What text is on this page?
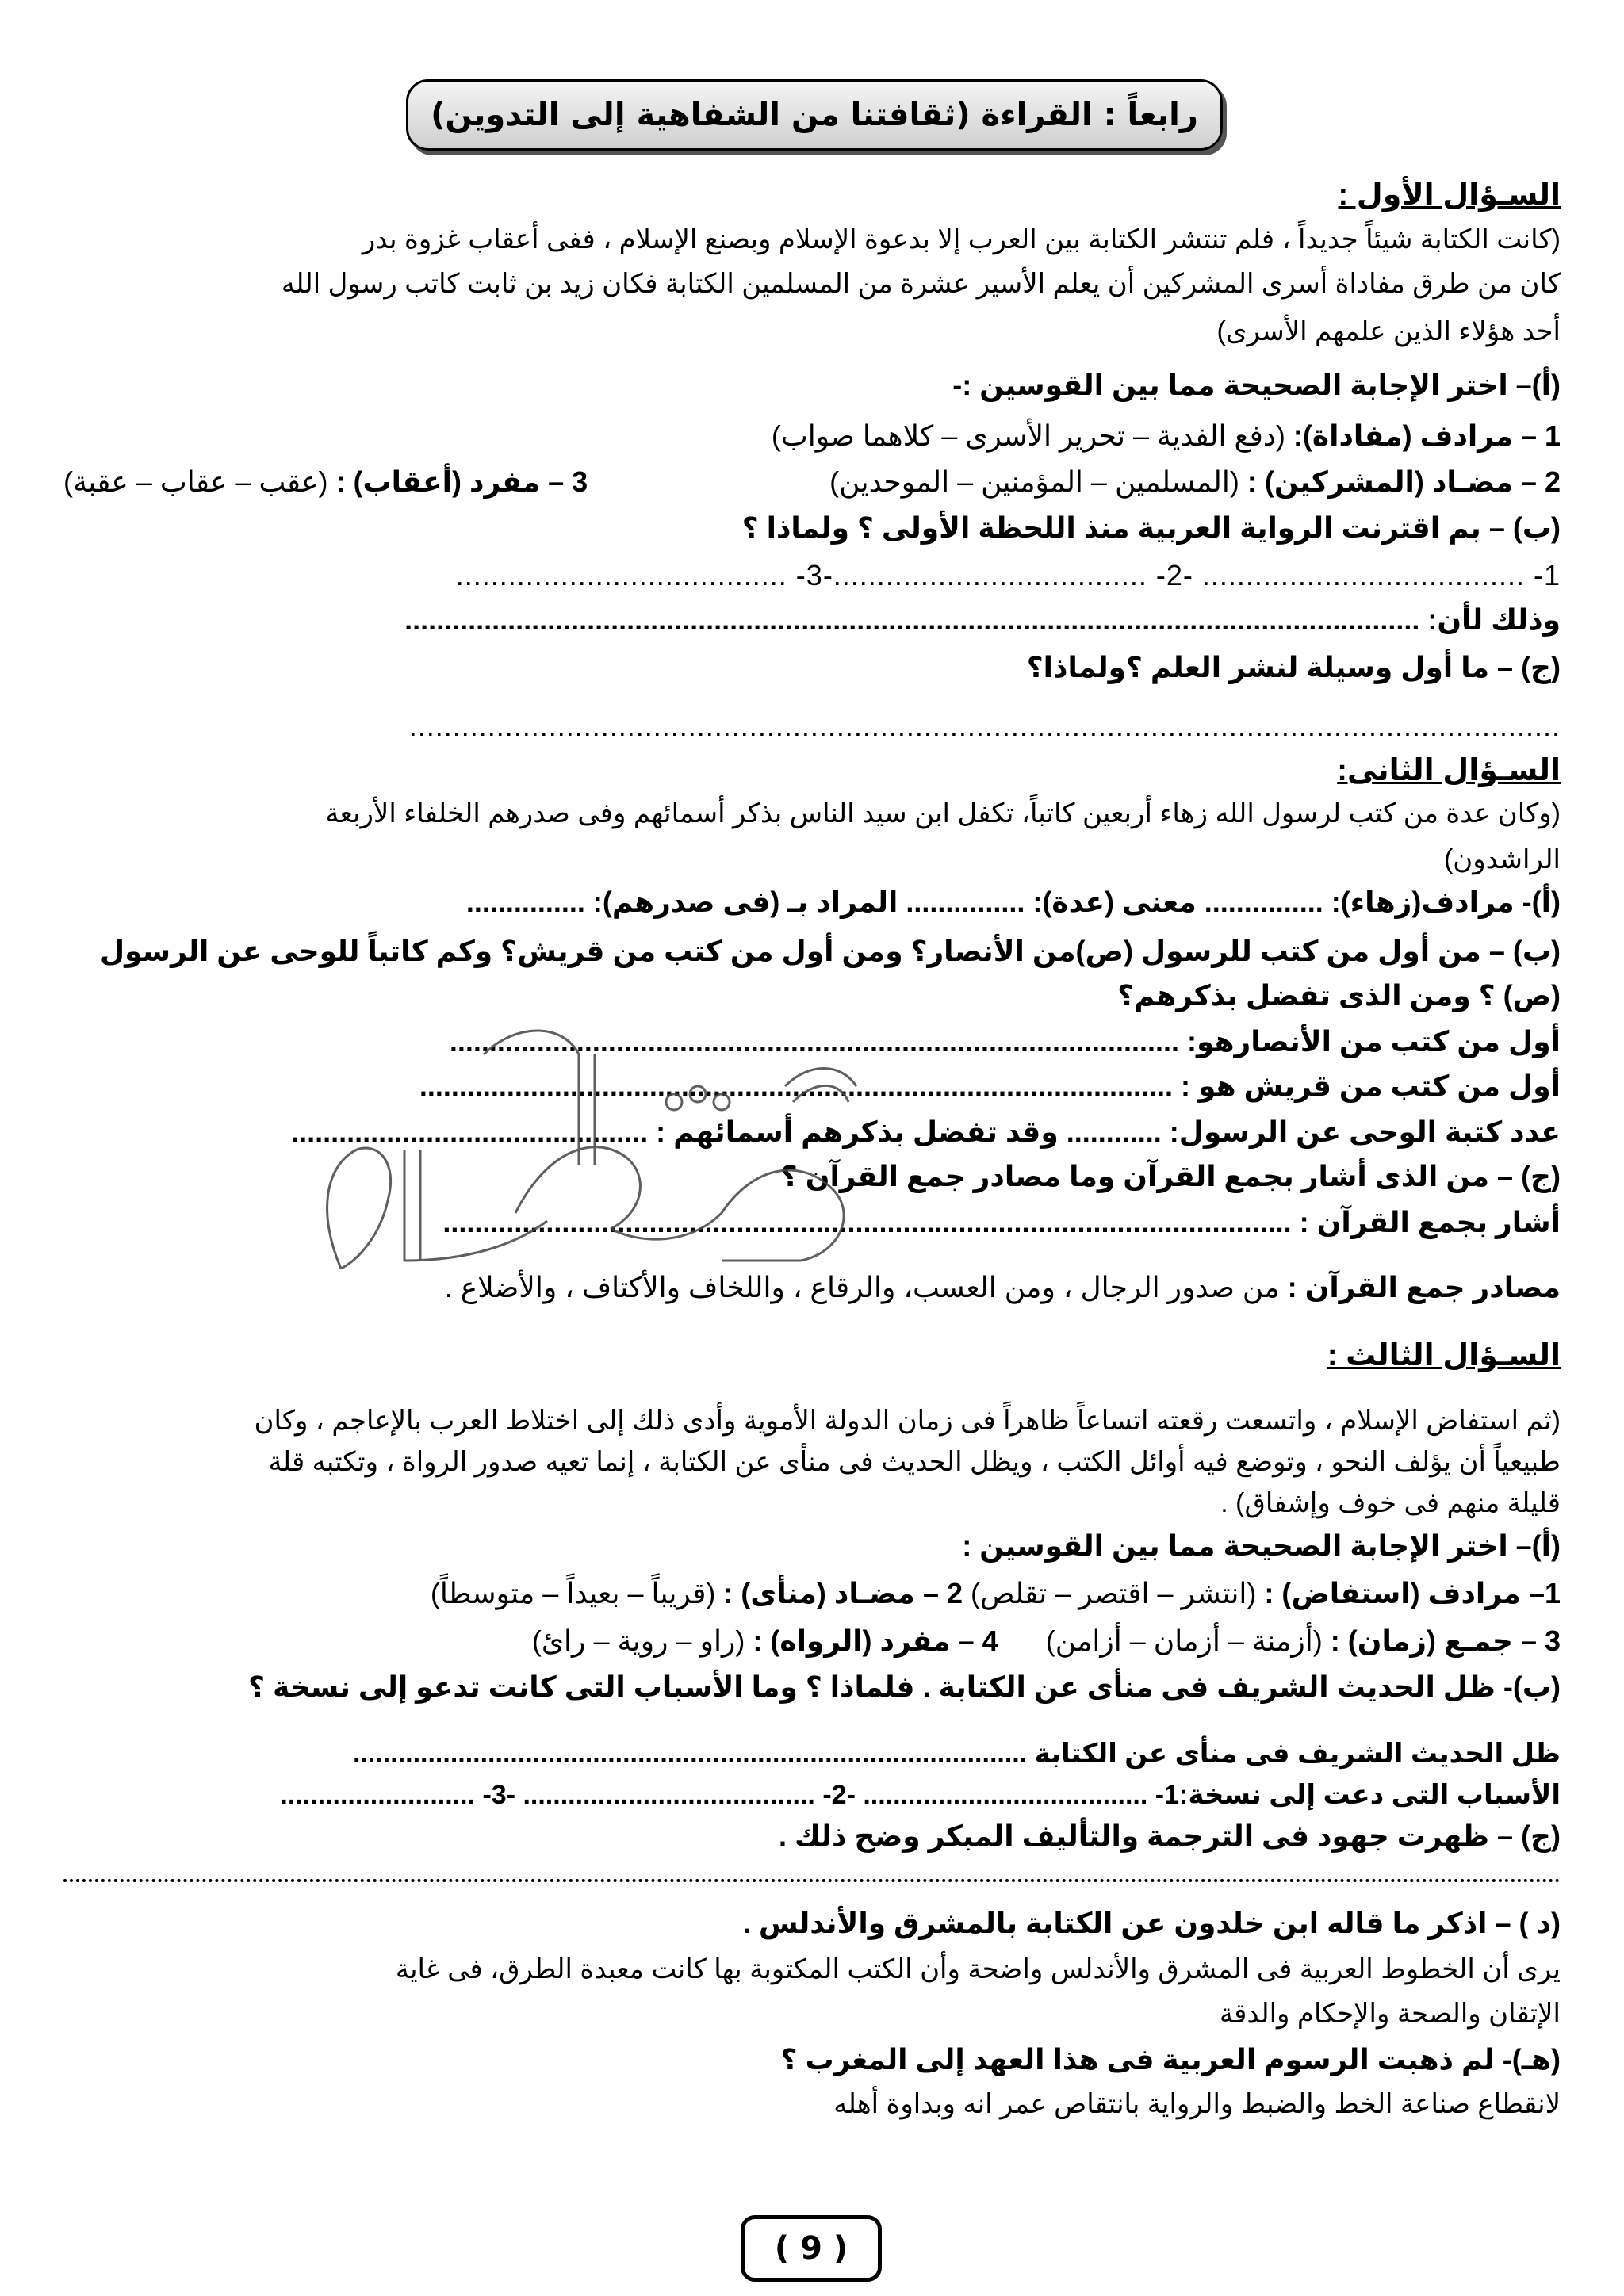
رابعاً : القراءة (ثقافتنا من الشفاهية إلى التدوين)
السـؤال الأول :
(كانت الكتابة شيئاً جديداً ، فلم تنتشر الكتابة بين العرب إلا بدعوة الإسلام وبصنع الإسلام ، ففى أعقاب غزوة بدر
كان من طرق مفاداة أسرى المشركين أن يعلم الأسير عشرة من المسلمين الكتابة فكان زيد بن ثابت كاتب رسول الله
أحد هؤلاء الذين علمهم الأسرى)
(أ)– اختر الإجابة الصحيحة مما بين القوسين :-
1 – مرادف (مفاداة): (دفع الفدية – تحرير الأسرى – كلاهما صواب)
2 – مضـاد (المشركين) : (المسلمين – المؤمنين – الموحدين)
3 – مفرد (أعقاب) : (عقب – عقاب – عقبة)
(ب) – بم اقترنت الرواية العربية منذ اللحظة الأولى ؟ ولماذا ؟
1- ..................................... -2- ....................................-3- ......................................
وذلك لأن: ................................................................................................................................
(ج) – ما أول وسيلة لنشر العلم ؟ولماذا؟
....................................................................................................................................
السـؤال الثانى:
(وكان عدة من كتب لرسول الله زهاء أربعين كاتباً، تكفل ابن سيد الناس بذكر أسمائهم وفى صدرهم الخلفاء الأربعة
الراشدون)
(أ)- مرادف(زهاء): ............... معنى (عدة): ............... المراد بـ (فى صدرهم): ...............
(ب) – من أول من كتب للرسول (ص)من الأنصار؟ ومن أول من كتب من قريش؟ وكم كاتباً للوحى عن الرسول
(ص) ؟ ومن الذى تفضل بذكرهم؟
أول من كتب من الأنصارهو: ............................................................................................
أول من كتب من قريش هو : ...............................................................................................
عدد كتبة الوحى عن الرسول: ............ وقد تفضل بذكرهم أسمائهم : .............................................
(ج) – من الذى أشار بجمع القرآن وما مصادر جمع القرآن ؟
أشار بجمع القرآن : ...........................................................................................................
مصادر جمع القرآن : من صدور الرجال ، ومن العسب، والرقاع ، واللخاف والأكتاف ، والأضلاع .
السـؤال الثالث :
(ثم استفاض الإسلام ، واتسعت رقعته اتساعاً ظاهراً فى زمان الدولة الأموية وأدى ذلك إلى اختلاط العرب بالإعاجم ، وكان
طبيعياً أن يؤلف النحو ، وتوضع فيه أوائل الكتب ، ويظل الحديث فى منأى عن الكتابة ، إنما تعيه صدور الرواة ، وتكتبه قلة
قليلة منهم فى خوف وإشفاق) .
(أ)– اختر الإجابة الصحيحة مما بين القوسين :
1– مرادف (استفاض) : (انتشر – اقتصر – تقلص) 2 – مضـاد (منأى) : (قريباً – بعيداً – متوسطاً)
3 – جمـع (زمان) : (أزمنة – أزمان – أزامن) 4 – مفرد (الرواه) : (راو – روية – رائ)
(ب)- ظل الحديث الشريف فى منأى عن الكتابة . فلماذا ؟ وما الأسباب التى كانت تدعو إلى نسخة ؟
ظل الحديث الشريف فى منأى عن الكتابة ..........................................................................................
الأسباب التى دعت إلى نسخة:1- ...................................... -2- ....................................... -3- ..........................
(ج) – ظهرت جهود فى الترجمة والتأليف المبكر وضح ذلك .
(د ) – اذكر ما قاله ابن خلدون عن الكتابة بالمشرق والأندلس .
يرى أن الخطوط العربية فى المشرق والأندلس واضحة وأن الكتب المكتوبة بها كانت معبدة الطرق، فى غاية
الإتقان والصحة والإحكام والدقة
(هـ)- لم ذهبت الرسوم العربية فى هذا العهد إلى المغرب ؟
لانقطاع صناعة الخط والضبط والرواية بانتقاص عمر انه وبداوة أهله
( 9 )
